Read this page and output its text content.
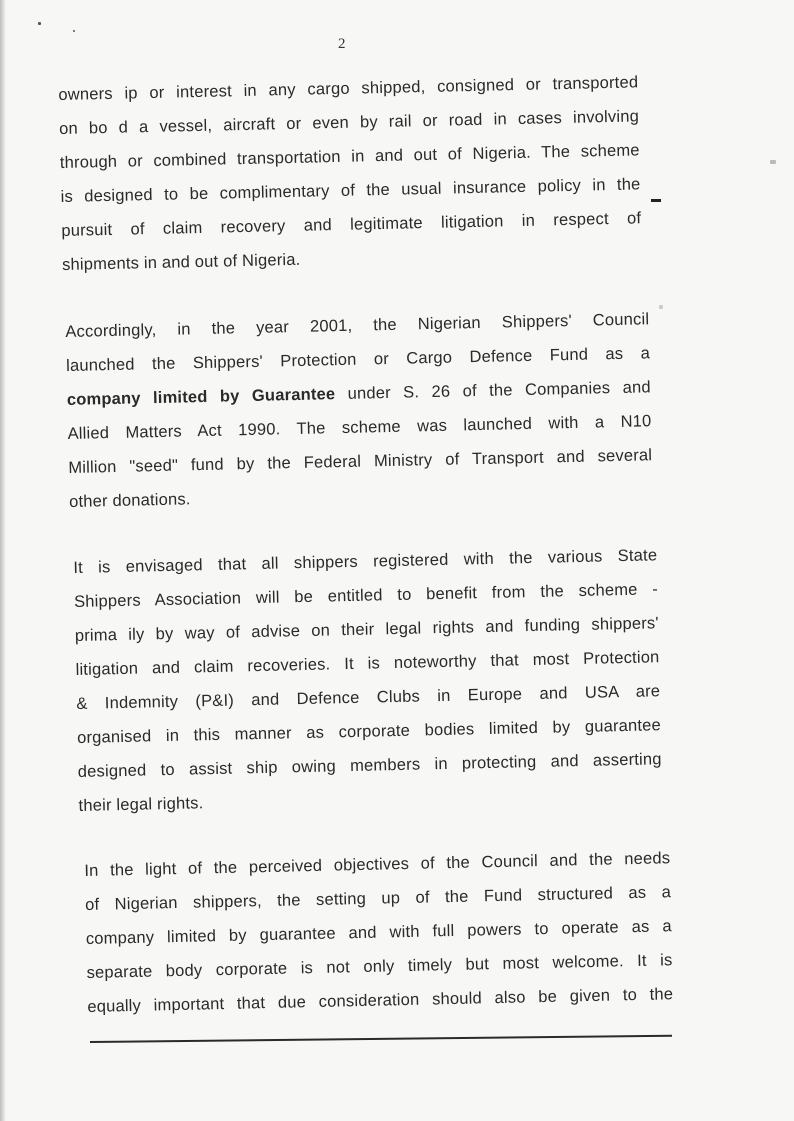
2
owners ip or interest in any cargo shipped, consigned or transported
on bo d a vessel, aircraft or even by rail or road in cases involving
through or combined transportation in and out of Nigeria. The scheme
is designed to be complimentary of the usual insurance policy in the
pursuit of claim recovery and legitimate litigation in respect of
shipments in and out of Nigeria.
Accordingly, in the year 2001, the Nigerian Shippers' Council
launched the Shippers' Protection or Cargo Defence Fund as a
company limited by Guarantee under S. 26 of the Companies and
Allied Matters Act 1990. The scheme was launched with a N10
Million "seed" fund by the Federal Ministry of Transport and several
other donations.
It is envisaged that all shippers registered with the various State
Shippers Association will be entitled to benefit from the scheme -
prima ily by way of advise on their legal rights and funding shippers'
litigation and claim recoveries. It is noteworthy that most Protection
& Indemnity (P&I) and Defence Clubs in Europe and USA are
organised in this manner as corporate bodies limited by guarantee
designed to assist ship owing members in protecting and asserting
their legal rights.
In the light of the perceived objectives of the Council and the needs
of Nigerian shippers, the setting up of the Fund structured as a
company limited by guarantee and with full powers to operate as a
separate body corporate is not only timely but most welcome. It is
equally important that due consideration should also be given to the
